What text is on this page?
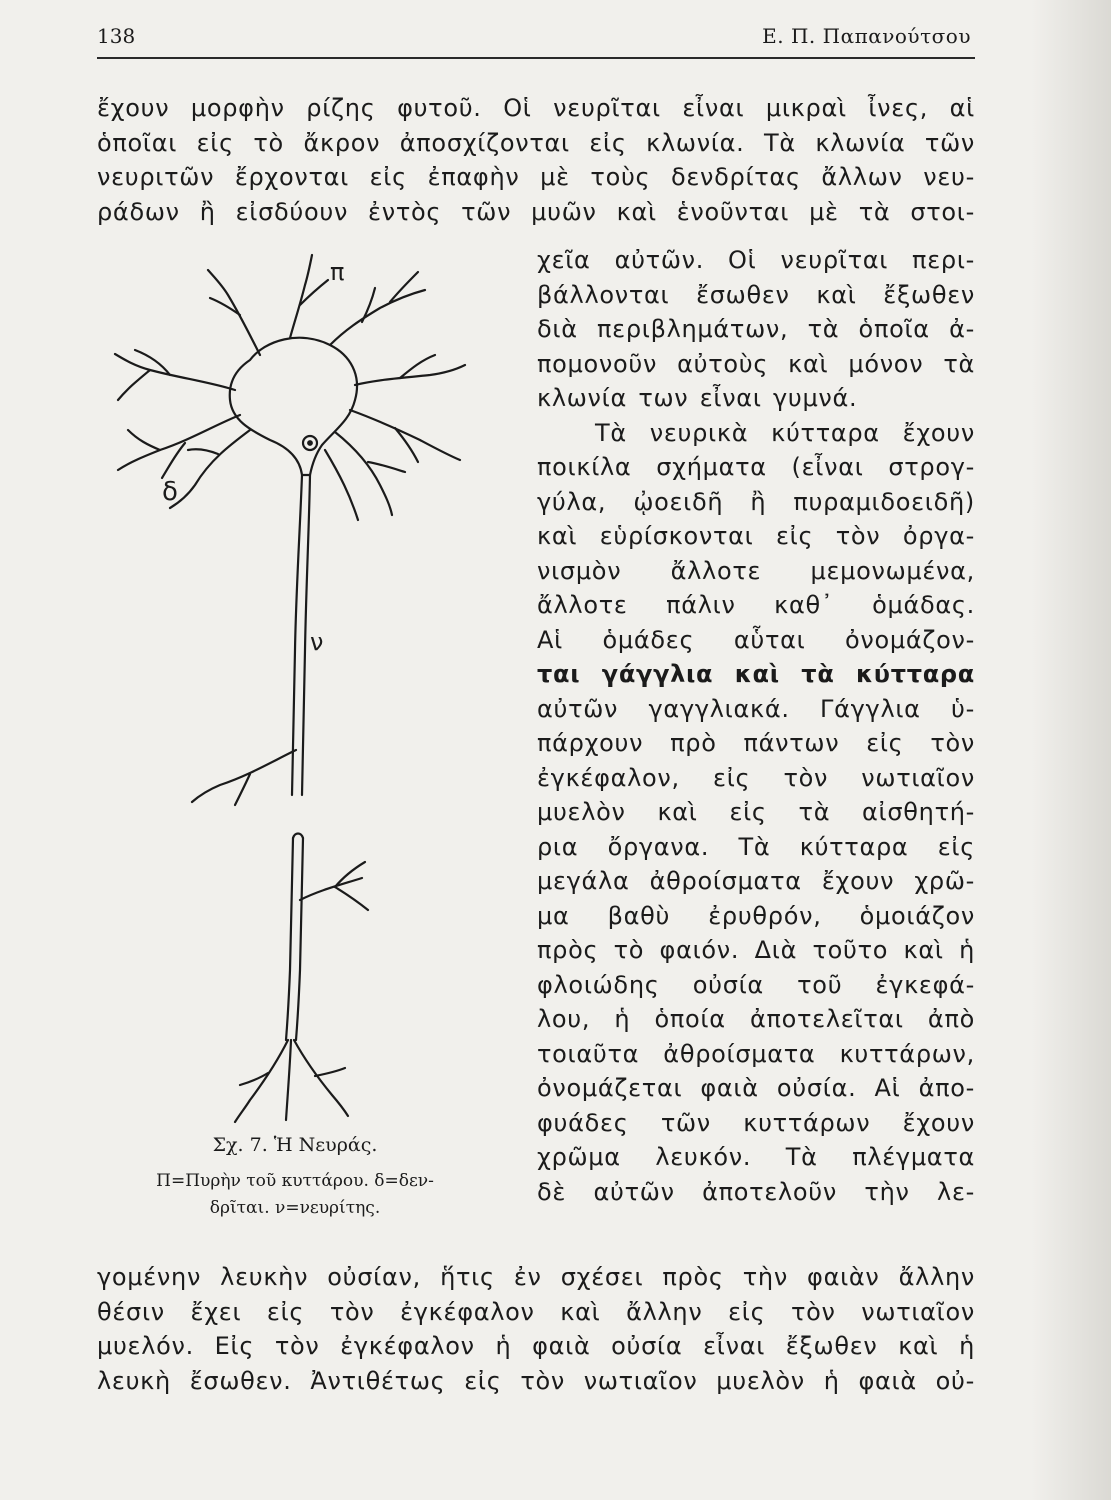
138	Ε. Π. Παπανούτσου
ἔχουν μορφὴν ρίζης φυτοῦ. Οἱ νευρῖται εἶναι μικραὶ ἶνες, αἱ
ὁποῖαι εἰς τὸ ἄκρον ἀποσχίζονται εἰς κλωνία. Τὰ κλωνία τῶν
νευριτῶν ἔρχονται εἰς ἐπαφὴν μὲ τοὺς δενδρίτας ἄλλων νευ-
ράδων ἢ εἰσδύουν ἐντὸς τῶν μυῶν καὶ ἑνοῦνται μὲ τὰ στοι-
χεῖα αὐτῶν. Οἱ νευρῖται περι-
βάλλονται ἔσωθεν καὶ ἔξωθεν
διὰ περιβλημάτων, τὰ ὁποῖα ἀ-
πομονοῦν αὐτοὺς καὶ μόνον τὰ
κλωνία των εἶναι γυμνά.
Τὰ νευρικὰ κύτταρα ἔχουν
ποικίλα σχήματα (εἶναι στρογ-
γύλα, ᾠοειδῆ ἢ πυραμιδοειδῆ)
καὶ εὑρίσκονται εἰς τὸν ὀργα-
νισμὸν ἄλλοτε μεμονωμένα,
ἄλλοτε πάλιν καθ᾽ ὁμάδας.
Αἱ ὁμάδες αὗται ὀνομάζον-
ται γάγγλια καὶ τὰ κύτταρα
αὐτῶν γαγγλιακά. Γάγγλια ὑ-
πάρχουν πρὸ πάντων εἰς τὸν
ἐγκέφαλον, εἰς τὸν νωτιαῖον
μυελὸν καὶ εἰς τὰ αἰσθητή-
ρια ὄργανα. Τὰ κύτταρα εἰς
μεγάλα ἀθροίσματα ἔχουν χρῶ-
μα βαθὺ ἐρυθρόν, ὁμοιάζον
πρὸς τὸ φαιόν. Διὰ τοῦτο καὶ ἡ
φλοιώδης οὐσία τοῦ ἐγκεφά-
λου, ἡ ὁποία ἀποτελεῖται ἀπὸ
τοιαῦτα ἀθροίσματα κυττάρων,
ὀνομάζεται φαιὰ οὐσία. Αἱ ἀπο-
φυάδες τῶν κυττάρων ἔχουν
χρῶμα λευκόν. Τὰ πλέγματα
δὲ αὐτῶν ἀποτελοῦν τὴν λε-
π
δ
ν
Σχ. 7. Ἡ Νευράς.
Π=Πυρὴν τοῦ κυττάρου. δ=δεν-
δρῖται. ν=νευρίτης.
γομένην λευκὴν οὐσίαν, ἥτις ἐν σχέσει πρὸς τὴν φαιὰν ἄλλην
θέσιν ἔχει εἰς τὸν ἐγκέφαλον καὶ ἄλλην εἰς τὸν νωτιαῖον
μυελόν. Εἰς τὸν ἐγκέφαλον ἡ φαιὰ οὐσία εἶναι ἔξωθεν καὶ ἡ
λευκὴ ἔσωθεν. Ἀντιθέτως εἰς τὸν νωτιαῖον μυελὸν ἡ φαιὰ οὐ-
